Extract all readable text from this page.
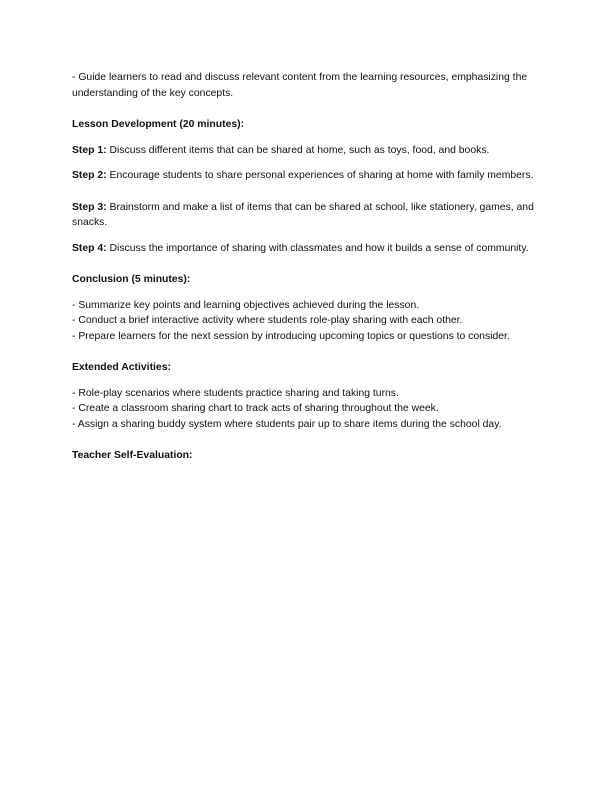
- Guide learners to read and discuss relevant content from the learning resources, emphasizing the understanding of the key concepts.

Lesson Development (20 minutes):

Step 1: Discuss different items that can be shared at home, such as toys, food, and books.

Step 2: Encourage students to share personal experiences of sharing at home with family members.

Step 3: Brainstorm and make a list of items that can be shared at school, like stationery, games, and snacks.

Step 4: Discuss the importance of sharing with classmates and how it builds a sense of community.

Conclusion (5 minutes):

- Summarize key points and learning objectives achieved during the lesson.

- Conduct a brief interactive activity where students role-play sharing with each other.

- Prepare learners for the next session by introducing upcoming topics or questions to consider.

Extended Activities:

- Role-play scenarios where students practice sharing and taking turns.

- Create a classroom sharing chart to track acts of sharing throughout the week.

- Assign a sharing buddy system where students pair up to share items during the school day.

Teacher Self-Evaluation:
